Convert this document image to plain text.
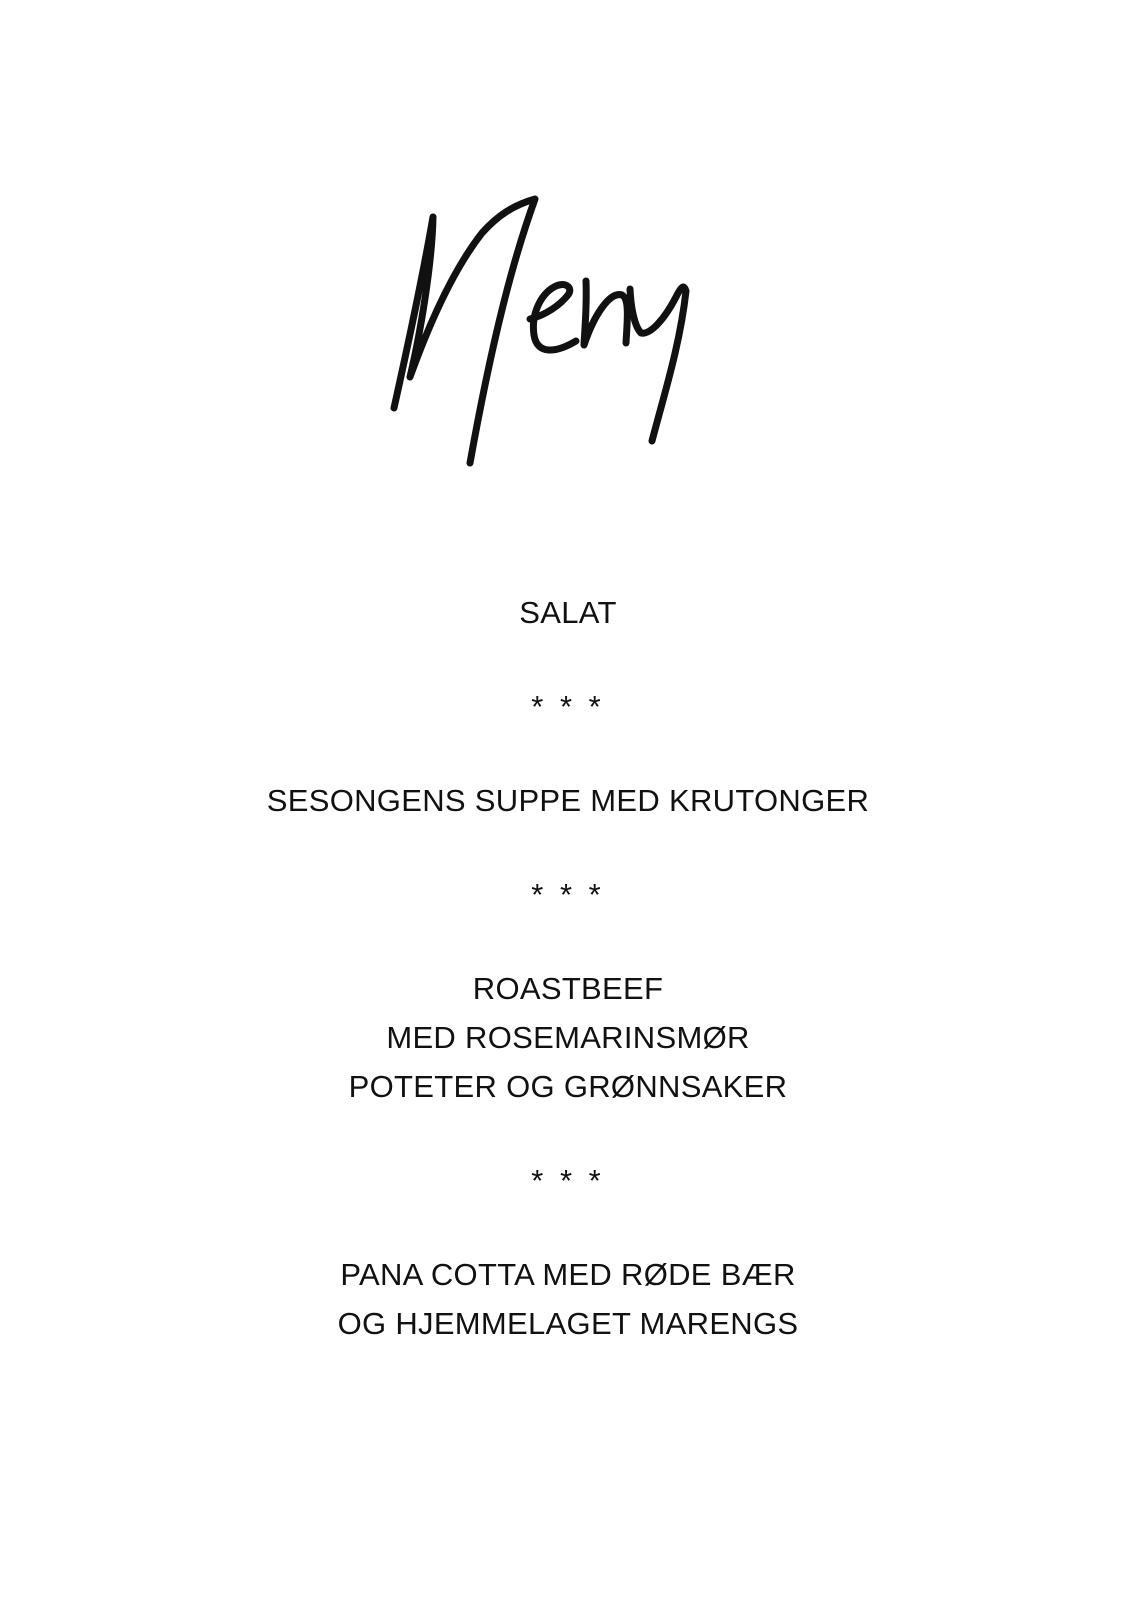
SALAT
* * *
SESONGENS SUPPE MED KRUTONGER
* * *
ROASTBEEF
MED ROSEMARINSMØR
POTETER OG GRØNNSAKER
* * *
PANA COTTA MED RØDE BÆR
OG HJEMMELAGET MARENGS
